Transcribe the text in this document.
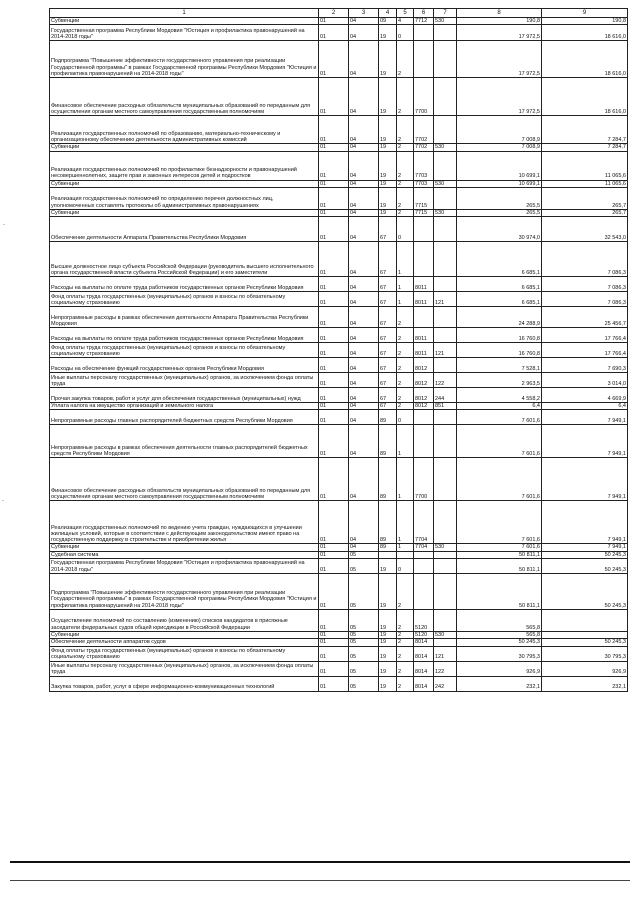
-
-
1	2	3	4	5	6	7	8	9
Субвенции	01	04	09	4	7712	530	190,8	190,8
Государственная программа Республики Мордовия "Юстиция и профилактика правонарушений на 2014-2018 годы"	01	04	19	0			17 972,5	18 616,0
Подпрограмма "Повышение эффективности государственного управления при реализации Государственной программы" в рамках Государственной программы Республики Мордовия "Юстиция и профилактика правонарушений на 2014-2018 годы"	01	04	19	2			17 972,5	18 616,0
Финансовое обеспечение расходных обязательств муниципальных образований по переданным для осуществления органам местного самоуправления государственным полномочиям	01	04	19	2	7700		17 972,5	18 616,0
Реализация государственных полномочий по образованию, материально-техническому и организационному обеспечению деятельности административных комиссий	01	04	19	2	7702		7 008,9	7 284,7
Субвенции	01	04	19	2	7702	530	7 008,9	7 284,7
Реализация государственных полномочий по профилактике безнадзорности и правонарушений несовершеннолетних, защите прав и законных интересов детей и подростков	01	04	19	2	7703		10 699,1	11 065,6
Субвенции	01	04	19	2	7703	530	10 699,1	11 065,6
Реализация государственных полномочий по определению перечня должностных лиц, уполномоченных составлять протоколы об административных правонарушениях	01	04	19	2	7715		265,5	265,7
Субвенции	01	04	19	2	7715	530	265,5	265,7
Обеспечение деятельности Аппарата Правительства Республики Мордовия	01	04	67	0			30 974,0	32 543,0
Высшее должностное лицо субъекта Российской Федерации (руководитель высшего исполнительного органа государственной власти субъекта Российской Федерации) и его заместители	01	04	67	1			6 685,1	7 086,3
Расходы на выплаты по оплате труда работников государственных органов Республики Мордовия	01	04	67	1	8011		6 685,1	7 086,3
Фонд оплаты труда государственных (муниципальных) органов и взносы по обязательному социальному страхованию	01	04	67	1	8011	121	6 685,1	7 086,3
Непрограммные расходы в рамках обеспечения деятельности Аппарата Правительства Республики Мордовия	01	04	67	2			24 288,9	25 456,7
Расходы на выплаты по оплате труда работников государственных органов Республики Мордовия	01	04	67	2	8011		16 760,8	17 766,4
Фонд оплаты труда государственных (муниципальных) органов и взносы по обязательному социальному страхованию	01	04	67	2	8011	121	16 760,8	17 766,4
Расходы на обеспечение функций государственных органов Республики Мордовия	01	04	67	2	8012		7 528,1	7 690,3
Иные выплаты персоналу государственных (муниципальных) органов, за исключением фонда оплаты труда	01	04	67	2	8012	122	2 963,5	3 014,0
Прочая закупка товаров, работ и услуг для обеспечения государственных (муниципальных) нужд	01	04	67	2	8012	244	4 558,2	4 669,9
Уплата налога на имущество организаций и земельного налога	01	04	67	2	8012	851	6,4	6,4
Непрограммные расходы главных распорядителей бюджетных средств Республики Мордовия	01	04	89	0			7 601,6	7 949,1
Непрограммные расходы в рамках обеспечения деятельности главных распорядителей бюджетных средств Республики Мордовия	01	04	89	1			7 601,6	7 949,1
Финансовое обеспечение расходных обязательств муниципальных образований по переданным для осуществления органам местного самоуправления государственным полномочиям	01	04	89	1	7700		7 601,6	7 949,1
Реализация государственных полномочий по ведению учета граждан, нуждающихся в улучшении жилищных условий, которые в соответствии с действующим законодательством имеют право на государственную поддержку в строительстве и приобретении жилья	01	04	89	1	7704		7 601,6	7 949,1
Субвенции	01	04	89	1	7704	530	7 601,6	7 949,1
Судебная система	01	05					50 811,1	50 245,3
Государственная программа Республики Мордовия "Юстиция и профилактика правонарушений на 2014-2018 годы"	01	05	19	0			50 811,1	50 245,3
Подпрограмма "Повышение эффективности государственного управления при реализации Государственной программы" в рамках Государственной программы Республики Мордовия "Юстиция и профилактика правонарушений на 2014-2018 годы"	01	05	19	2			50 811,1	50 245,3
Осуществление полномочий по составлению (изменению) списков кандидатов в присяжные заседатели федеральных судов общей юрисдикции в Российской Федерации	01	05	19	2	5120		565,8	
Субвенции	01	05	19	2	5120	530	565,8	
Обеспечение деятельности аппаратов судов	01	05	19	2	8014		50 245,3	50 245,3
Фонд оплаты труда государственных (муниципальных) органов и взносы по обязательному социальному страхованию	01	05	19	2	8014	121	30 795,3	30 795,3
Иные выплаты персоналу государственных (муниципальных) органов, за исключением фонда оплаты труда	01	05	19	2	8014	122	926,9	926,9
Закупка товаров, работ, услуг в сфере информационно-коммуникационных технологий	01	05	19	2	8014	242	232,1	232,1
